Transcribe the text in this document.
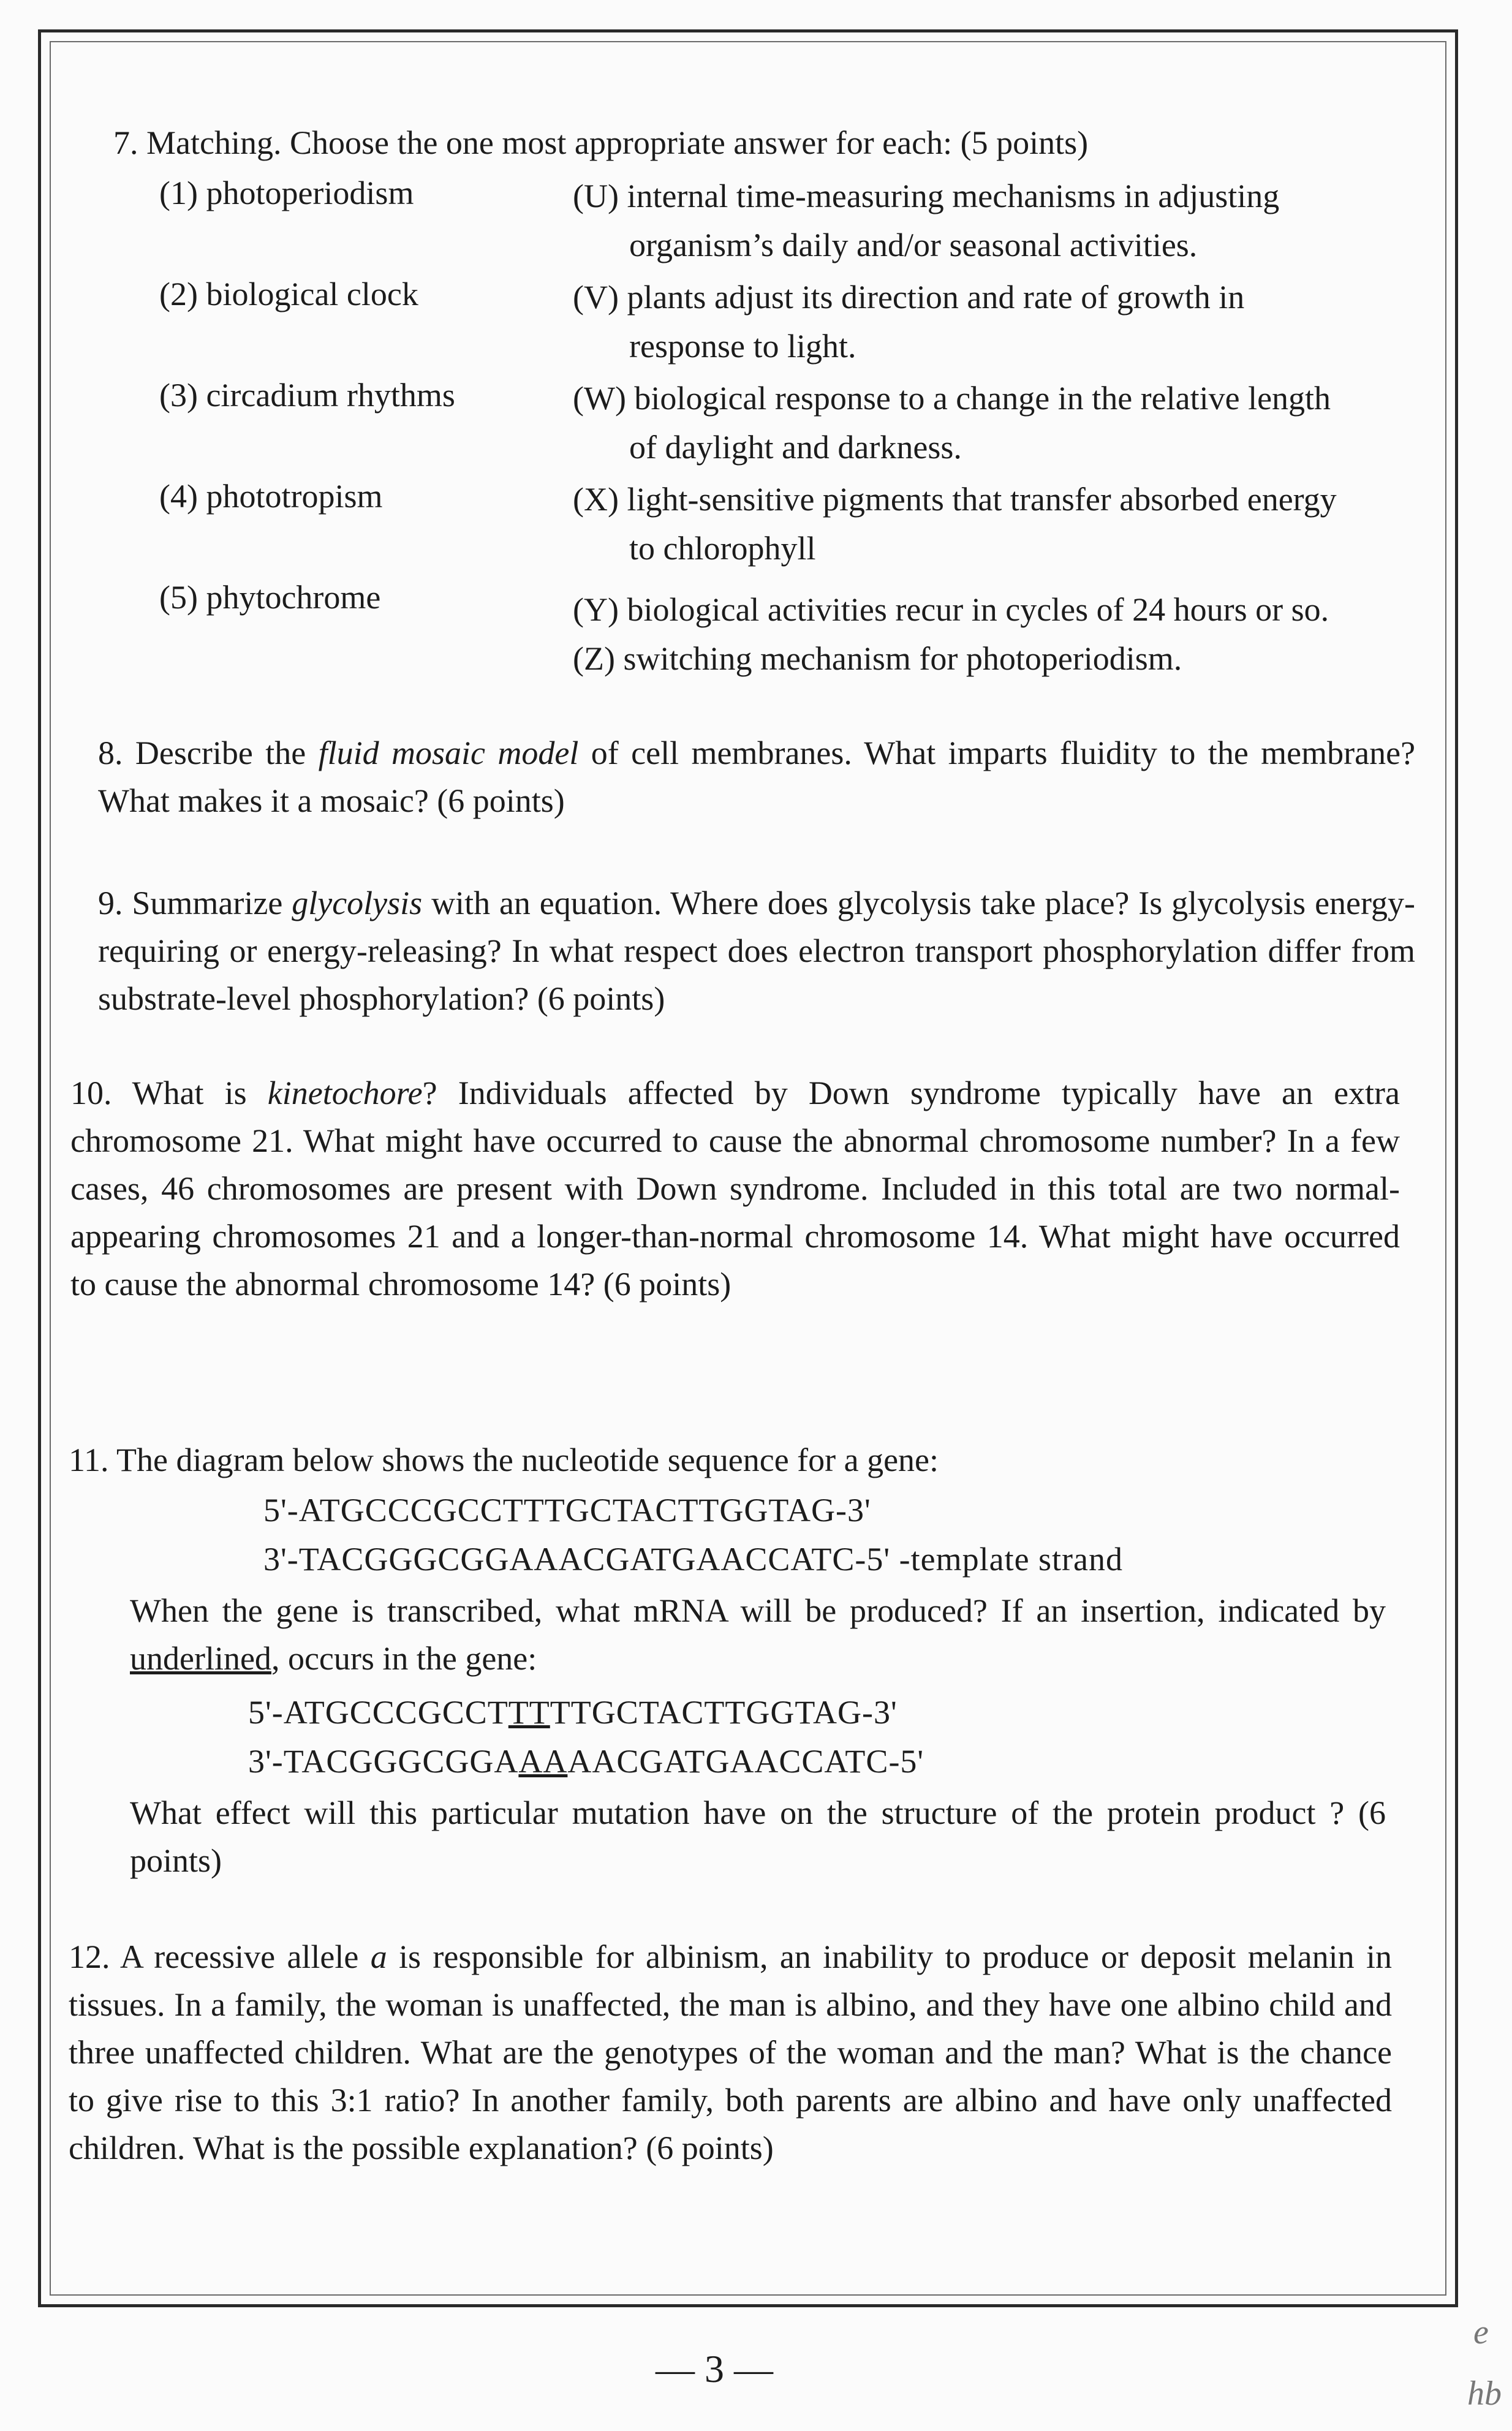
7. Matching. Choose the one most appropriate answer for each: (5 points)
(1) photoperiodism
(2) biological clock
(3) circadium rhythms
(4) phototropism
(5) phytochrome
(U) internal time-measuring mechanisms in adjusting
organism’s daily and/or seasonal activities.
(V) plants adjust its direction and rate of growth in
response to light.
(W) biological response to a change in the relative length
of daylight and darkness.
(X) light-sensitive pigments that transfer absorbed energy
to chlorophyll
(Y) biological activities recur in cycles of 24 hours or so.
(Z) switching mechanism for photoperiodism.
8. Describe the fluid mosaic model of cell membranes. What imparts fluidity to the membrane? What makes it a mosaic? (6 points)
9. Summarize glycolysis with an equation. Where does glycolysis take place? Is glycolysis energy-requiring or energy-releasing? In what respect does electron transport phosphorylation differ from substrate-level phosphorylation? (6 points)
10. What is kinetochore? Individuals affected by Down syndrome typically have an extra chromosome 21. What might have occurred to cause the abnormal chromosome number? In a few cases, 46 chromosomes are present with Down syndrome. Included in this total are two normal-appearing chromosomes 21 and a longer-than-normal chromosome 14. What might have occurred to cause the abnormal chromosome 14? (6 points)
11. The diagram below shows the nucleotide sequence for a gene:
5'-ATGCCCGCCTTTGCTACTTGGTAG-3'
3'-TACGGGCGGAAACGATGAACCATC-5' -template strand
When the gene is transcribed, what mRNA will be produced? If an insertion, indicated by underlined, occurs in the gene:
5'-ATGCCCGCCTTTTTGCTACTTGGTAG-3'
3'-TACGGGCGGAAAAACGATGAACCATC-5'
What effect will this particular mutation have on the structure of the protein product ? (6 points)
12. A recessive allele a is responsible for albinism, an inability to produce or deposit melanin in tissues. In a family, the woman is unaffected, the man is albino, and they have one albino child and three unaffected children. What are the genotypes of the woman and the man? What is the chance to give rise to this 3:1 ratio? In another family, both parents are albino and have only unaffected children. What is the possible explanation? (6 points)
— 3 —
e
hb
